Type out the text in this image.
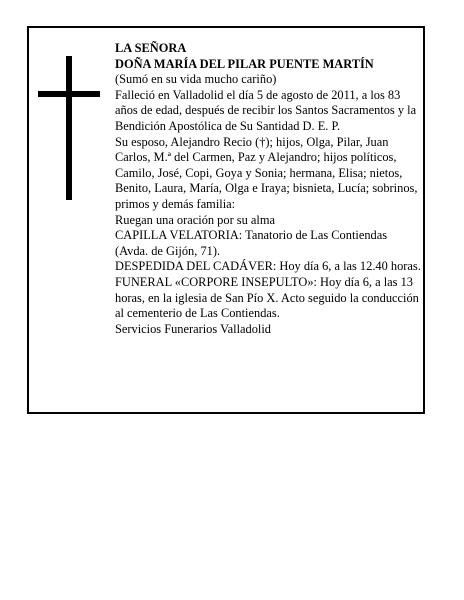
LA SEÑORA

DOÑA MARÍA DEL PILAR PUENTE MARTÍN

(Sumó en su vida mucho cariño)

Falleció en Valladolid el día 5 de agosto de 2011, a los 83 años de edad, después de recibir los Santos Sacramentos y la Bendición Apostólica de Su Santidad D. E. P.

Su esposo, Alejandro Recio (†); hijos, Olga, Pilar, Juan Carlos, M.ª del Carmen, Paz y Alejandro; hijos políticos, Camilo, José, Copi, Goya y Sonia; hermana, Elisa; nietos, Benito, Laura, María, Olga e Iraya; bisnieta, Lucía; sobrinos, primos y demás familia:

Ruegan una oración por su alma

CAPILLA VELATORIA: Tanatorio de Las Contiendas (Avda. de Gijón, 71).

DESPEDIDA DEL CADÁVER: Hoy día 6, a las 12.40 horas.

FUNERAL «CORPORE INSEPULTO»: Hoy día 6, a las 13 horas, en la iglesia de San Pío X. Acto seguido la conducción al cementerio de Las Contiendas.

Servicios Funerarios Valladolid
